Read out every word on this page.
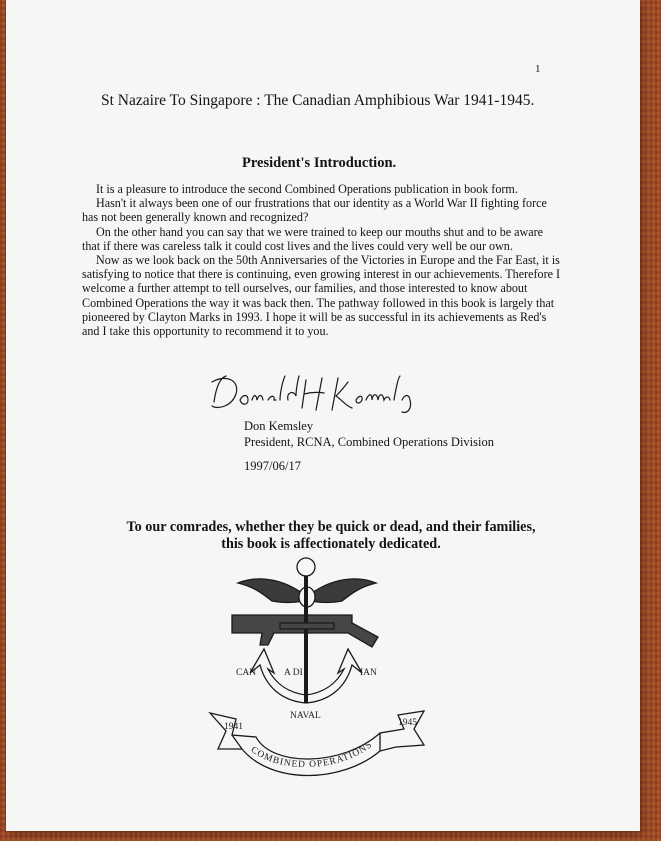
1
St Nazaire To Singapore : The Canadian Amphibious War 1941-1945.
President's Introduction.

It is a pleasure to introduce the second Combined Operations publication in book form.

Hasn't it always been one of our frustrations that our identity as a World War II fighting force has not been generally known and recognized?

On the other hand you can say that we were trained to keep our mouths shut and to be aware that if there was careless talk it could cost lives and the lives could very well be our own.

Now as we look back on the 50th Anniversaries of the Victories in Europe and the Far East, it is satisfying to notice that there is continuing, even growing interest in our achievements. Therefore I welcome a further attempt to tell ourselves, our families, and those interested to know about Combined Operations the way it was back then. The pathway followed in this book is largely that pioneered by Clayton Marks in 1993. I hope it will be as successful in its achievements as Red's and I take this opportunity to recommend it to you.

Don Kemsley
President, RCNA, Combined Operations Division
1997/06/17
To our comrades, whether they be quick or dead, and their families,
this book is affectionately dedicated.
CAN	A DI	IAN
NAVAL
1941	1945
COMBINED OPERATIONS
